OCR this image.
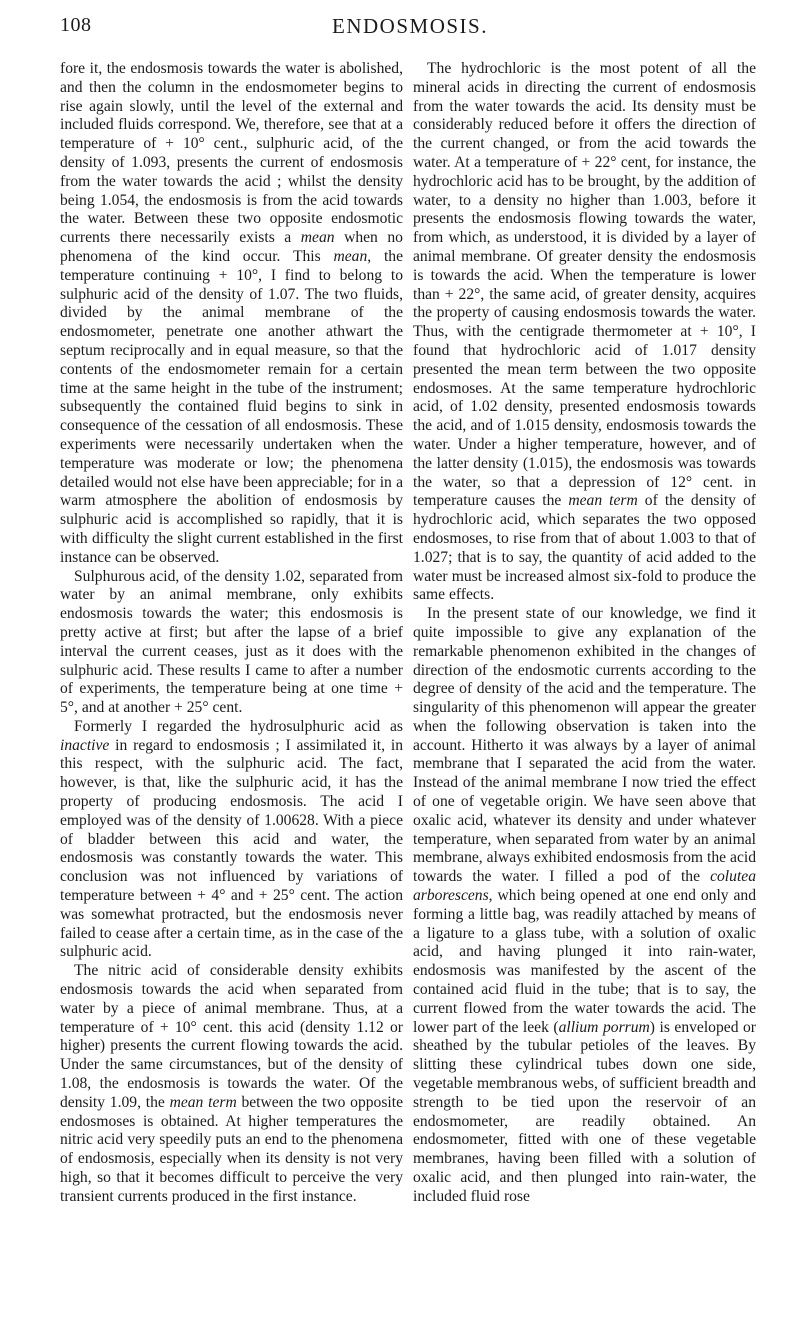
108	ENDOSMOSIS.

fore it, the endosmosis towards the water is abolished, and then the column in the endosmometer begins to rise again slowly, until the level of the external and included fluids correspond. We, therefore, see that at a temperature of + 10° cent., sulphuric acid, of the density of 1.093, presents the current of endosmosis from the water towards the acid ; whilst the density being 1.054, the endosmosis is from the acid towards the water. Between these two opposite endosmotic currents there necessarily exists a mean when no phenomena of the kind occur. This mean, the temperature continuing + 10°, I find to belong to sulphuric acid of the density of 1.07. The two fluids, divided by the animal membrane of the endosmometer, penetrate one another athwart the septum reciprocally and in equal measure, so that the contents of the endosmometer remain for a certain time at the same height in the tube of the instrument; subsequently the contained fluid begins to sink in consequence of the cessation of all endosmosis. These experiments were necessarily undertaken when the temperature was moderate or low; the phenomena detailed would not else have been appreciable; for in a warm atmosphere the abolition of endosmosis by sulphuric acid is accomplished so rapidly, that it is with difficulty the slight current established in the first instance can be observed.

Sulphurous acid, of the density 1.02, separated from water by an animal membrane, only exhibits endosmosis towards the water; this endosmosis is pretty active at first; but after the lapse of a brief interval the current ceases, just as it does with the sulphuric acid. These results I came to after a number of experiments, the temperature being at one time + 5°, and at another + 25° cent.

Formerly I regarded the hydrosulphuric acid as inactive in regard to endosmosis ; I assimilated it, in this respect, with the sulphuric acid. The fact, however, is that, like the sulphuric acid, it has the property of producing endosmosis. The acid I employed was of the density of 1.00628. With a piece of bladder between this acid and water, the endosmosis was constantly towards the water. This conclusion was not influenced by variations of temperature between + 4° and + 25° cent. The action was somewhat protracted, but the endosmosis never failed to cease after a certain time, as in the case of the sulphuric acid.

The nitric acid of considerable density exhibits endosmosis towards the acid when separated from water by a piece of animal membrane. Thus, at a temperature of + 10° cent. this acid (density 1.12 or higher) presents the current flowing towards the acid. Under the same circumstances, but of the density of 1.08, the endosmosis is towards the water. Of the density 1.09, the mean term between the two opposite endosmoses is obtained. At higher temperatures the nitric acid very speedily puts an end to the phenomena of endosmosis, especially when its density is not very high, so that it becomes difficult to perceive the very transient currents produced in the first instance.

The hydrochloric is the most potent of all the mineral acids in directing the current of endosmosis from the water towards the acid. Its density must be considerably reduced before it offers the direction of the current changed, or from the acid towards the water. At a temperature of + 22° cent, for instance, the hydrochloric acid has to be brought, by the addition of water, to a density no higher than 1.003, before it presents the endosmosis flowing towards the water, from which, as understood, it is divided by a layer of animal membrane. Of greater density the endosmosis is towards the acid. When the temperature is lower than + 22°, the same acid, of greater density, acquires the property of causing endosmosis towards the water. Thus, with the centigrade thermometer at + 10°, I found that hydrochloric acid of 1.017 density presented the mean term between the two opposite endosmoses. At the same temperature hydrochloric acid, of 1.02 density, presented endosmosis towards the acid, and of 1.015 density, endosmosis towards the water. Under a higher temperature, however, and of the latter density (1.015), the endosmosis was towards the water, so that a depression of 12° cent. in temperature causes the mean term of the density of hydrochloric acid, which separates the two opposed endosmoses, to rise from that of about 1.003 to that of 1.027; that is to say, the quantity of acid added to the water must be increased almost six-fold to produce the same effects.

In the present state of our knowledge, we find it quite impossible to give any explanation of the remarkable phenomenon exhibited in the changes of direction of the endosmotic currents according to the degree of density of the acid and the temperature. The singularity of this phenomenon will appear the greater when the following observation is taken into the account. Hitherto it was always by a layer of animal membrane that I separated the acid from the water. Instead of the animal membrane I now tried the effect of one of vegetable origin. We have seen above that oxalic acid, whatever its density and under whatever temperature, when separated from water by an animal membrane, always exhibited endosmosis from the acid towards the water. I filled a pod of the colutea arborescens, which being opened at one end only and forming a little bag, was readily attached by means of a ligature to a glass tube, with a solution of oxalic acid, and having plunged it into rain-water, endosmosis was manifested by the ascent of the contained acid fluid in the tube; that is to say, the current flowed from the water towards the acid. The lower part of the leek (allium porrum) is enveloped or sheathed by the tubular petioles of the leaves. By slitting these cylindrical tubes down one side, vegetable membranous webs, of sufficient breadth and strength to be tied upon the reservoir of an endosmometer, are readily obtained. An endosmometer, fitted with one of these vegetable membranes, having been filled with a solution of oxalic acid, and then plunged into rain-water, the included fluid rose
